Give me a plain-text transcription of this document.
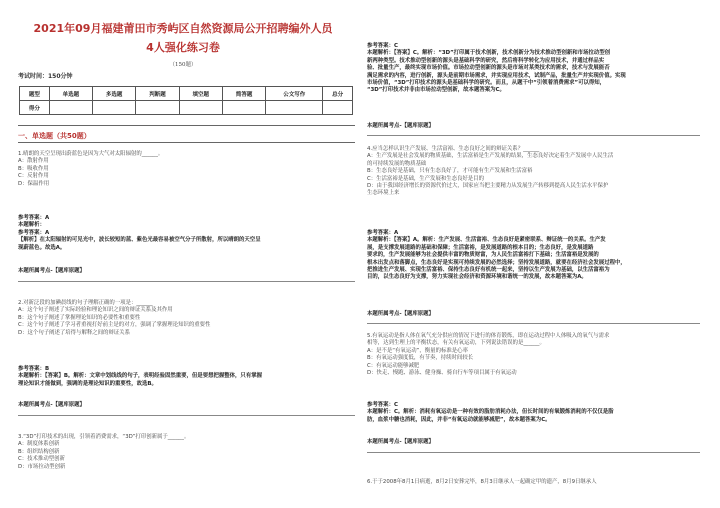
2021年09月福建莆田市秀屿区自然资源局公开招聘编外人员
4人强化练习卷
（150题）
考试时间：150分钟
题型	单选题	多选题	判断题	填空题	简答题	公文写作	总分
得分							
一、单选题（共50题）
1.晴朗的天空呈现出蔚蓝色是因为大气对太阳辐射的______。
A：散射作用
B：吸收作用
C：反射作用
D：保温作用
参考答案：A
本题解析：
参考答案：A
【解析】在太阳辐射的可见光中，波长较短的蓝、紫色光最容易被空气分子所散射，所以晴朗的天空呈
现蔚蓝色。故选A。
本题所属考点-【题库原题】
2.对新泛段的加碘晨线的句子理解正确的一项是：______
A：这个句子阐述了实际经验和理论知识之间的辩证关系及其作用
B：这个句子阐述了掌握理论知识的必要性和重要性
C：这个句子阐述了学习者重视打好前主是的对方，强调了掌握理论知识的重要性
D：这个句子阐述了培得与解释之间的辩证关系
参考答案：B
本题解析：【答案】B。解析：文章中划线线的句子，表明经验固然重要，但是要想把握整体，只有掌握
理论知识才能做到，强调的是理论知识的重要性，故选B。
本题所属考点-【题库原题】
3.“3D”打印技术的出现，引领着消费需求，“3D”打印创新属于______。
A：制度体系创新
B：组织结构创新
C：技术推动型创新
D：市场拉动型创新
参考答案：C
本题解析：【答案】C。解析：“3D”打印属于技术创新，技术创新分为技术推动型创新和市场拉动型创
新两种类型。技术推动型创新的源头是基础科学的研究，然后将科学转化为应用技术，并通过样品实
验、批量生产，最终实现市场价值。市场拉动型创新的源头是市场对某类技术的需求，技术与发展能否
满足需求的内容，进行创新，源头是前期市场需求，并实现应用技术，试制产品，批量生产并实现价值。实现
市场价值，“3D”打印技术的源头是基础科学的研究。而且，从题干中“引领着消费需求”可以得知，
“3D”打印技术并非由市场拉动型创新，故本题答案为C。
本题所属考点-【题库原题】
4.应当怎样认识生产发展、生活富裕、生态良好之间的辩证关系？______
A：生产发展是社会发展的物质基础，生活富裕是生产发展的结果，生态良好决定着生产发展中人民生活
的可持续发展的物质基础
B：生态良好是基础，只有生态良好了，才可能有生产发展和生活富裕
C：生活富裕是基础，生产发展和生态良好是目的
D：由于我国经济增长的资源代价过大，国家应当把主要精力从发展生产转移到提高人民生活水平保护
生态环境上来
参考答案：A
本题解析：【答案】A。解析：生产发展、生活富裕、生态良好是紧密联系、辩证统一的关系。生产发
展，是支撑发展道路的基础和保障；生活富裕，是发展道路的根本目的；生态良好，是发展道路
要求的，生产发展能够为社会提供丰富的物质财富，为人民生活富裕打下基础；生活富裕是发展的
根本出发点和落脚点，生态良好是实现可持续发展的必然选择；坚持发展道路，就要在经济社会发展过程中，
把推进生产发展、实现生活富裕、保持生态良好有机统一起来，坚持以生产发展为基础，以生活富裕为
目的，以生态良好为支撑，努力实现社会经济和资源环境和谐统一的发展，故本题答案为A。
本题所属考点-【题库原题】
5.有氧运动是指人体在氧气充分供应的情况下进行的体育锻炼，即在运动过程中人体吸入的氧气与需求
相等，达到生理上的平衡状态，有关有氧运动，下列说法错误的是______。
A：是不是“有氧运动”，衡量的标准是心率
B：有氧运动强度低，有节奏，持续时间较长
C：有氧运动能够减肥
D：快走、慢跑、游泳、健身操、骑自行车等项目属于有氧运动
参考答案：C
本题解析：C。解析：消耗有氧运动是一种有效的脂肪消耗办法，但长时间的有氧锻炼消耗的不仅仅是脂
肪，血浆中糖也消耗，因此，并非“有氧运动就能够减肥”，故本题答案为C。
本题所属考点-【题库原题】
6.于于2008年8月1日病逝，8月2日安葬完毕，8月3日继承人一起确定甲的遗产，8月9日继承人
